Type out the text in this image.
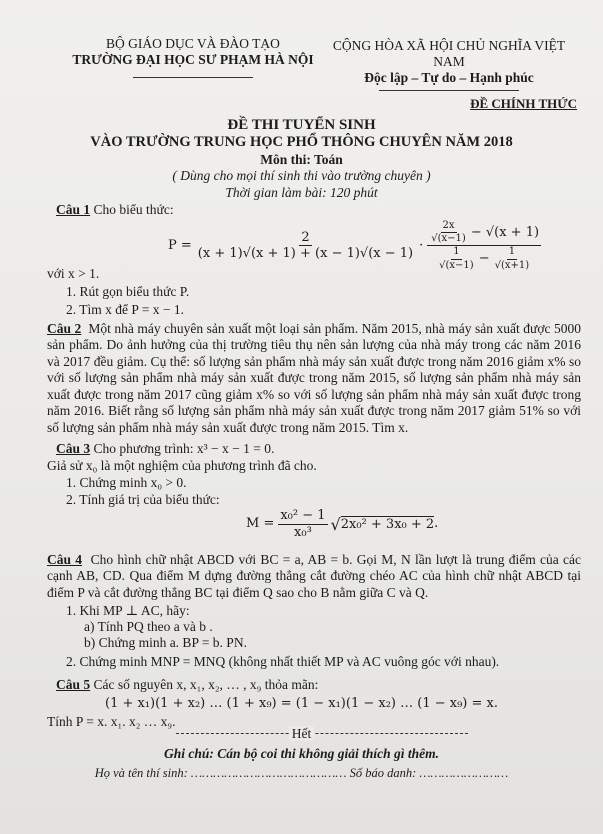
BỘ GIÁO DỤC VÀ ĐÀO TẠO
TRƯỜNG ĐẠI HỌC SƯ PHẠM HÀ NỘI
CỘNG HÒA XÃ HỘI CHỦ NGHĨA VIỆT NAM
Độc lập – Tự do – Hạnh phúc
ĐỀ CHÍNH THỨC
ĐỀ THI TUYỂN SINH
VÀO TRƯỜNG TRUNG HỌC PHỔ THÔNG CHUYÊN NĂM 2018
Môn thi: Toán
( Dùng cho mọi thí sinh thi vào trường chuyên )
Thời gian làm bài: 120 phút
Câu 1 Cho biểu thức:
$P = \frac{2}{(x + 1)√(x + 1) + (x - 1)√(x - 1)}$ ·
$\frac{2x}{√(x-1)} - √(x + 1)$
$\frac{1}{√(x-1)} - \frac{1}{√(x+1)}$
với x > 1.
1. Rút gọn biểu thức P.
2. Tìm x để P = x − 1.

Câu 2 Một nhà máy chuyên sản xuất một loại sản phẩm. Năm 2015, nhà máy sản xuất được 5000 sản phẩm. Do ảnh hưởng của thị trường tiêu thụ nên sản lượng của nhà máy trong các năm 2016 và 2017 đều giảm. Cụ thể: số lượng sản phẩm nhà máy sản xuất được trong năm 2016 giảm x% so với số lượng sản phẩm nhà máy sản xuất được trong năm 2015, số lượng sản phẩm nhà máy sản xuất được trong năm 2017 cũng giảm x% so với số lượng sản phẩm nhà máy sản xuất được trong năm 2016. Biết rằng số lượng sản phẩm nhà máy sản xuất được trong năm 2017 giảm 51% so với số lượng sản phẩm nhà máy sản xuất được trong năm 2015. Tìm x.

Câu 3 Cho phương trình: x³ − x − 1 = 0.
Giả sử x₀ là một nghiệm của phương trình đã cho.
1. Chứng minh x₀ > 0.
2. Tính giá trị của biểu thức:
$M = \frac{\text{x₀² − 1}}{\text{x₀³}}$ √ 2x₀² + 3x₀ + 2 .

Câu 4 Cho hình chữ nhật ABCD với BC = a, AB = b. Gọi M, N lần lượt là trung điểm của các cạnh AB, CD. Qua điểm M dựng đường thẳng cắt đường chéo AC của hình chữ nhật ABCD tại điểm P và cắt đường thẳng BC tại điểm Q sao cho B nằm giữa C và Q.

1. Khi MP ⊥ AC, hãy:
a) Tính PQ theo a và b .
b) Chứng minh a. BP = b. PN.
2. Chứng minh MNP = MNQ (không nhất thiết MP và AC vuông góc với nhau).
Câu 5 Các số nguyên x, x₁, x₂, … , x₉ thỏa mãn:
(1 + x₁)(1 + x₂) … (1 + x₉) = (1 − x₁)(1 − x₂) … (1 − x₉) = x.
Tính P = x. x₁. x₂ … x₉.
Hết
Ghi chú: Cán bộ coi thi không giải thích gì thêm.
Họ và tên thí sinh: …………………………………… Số báo danh: ……………………
